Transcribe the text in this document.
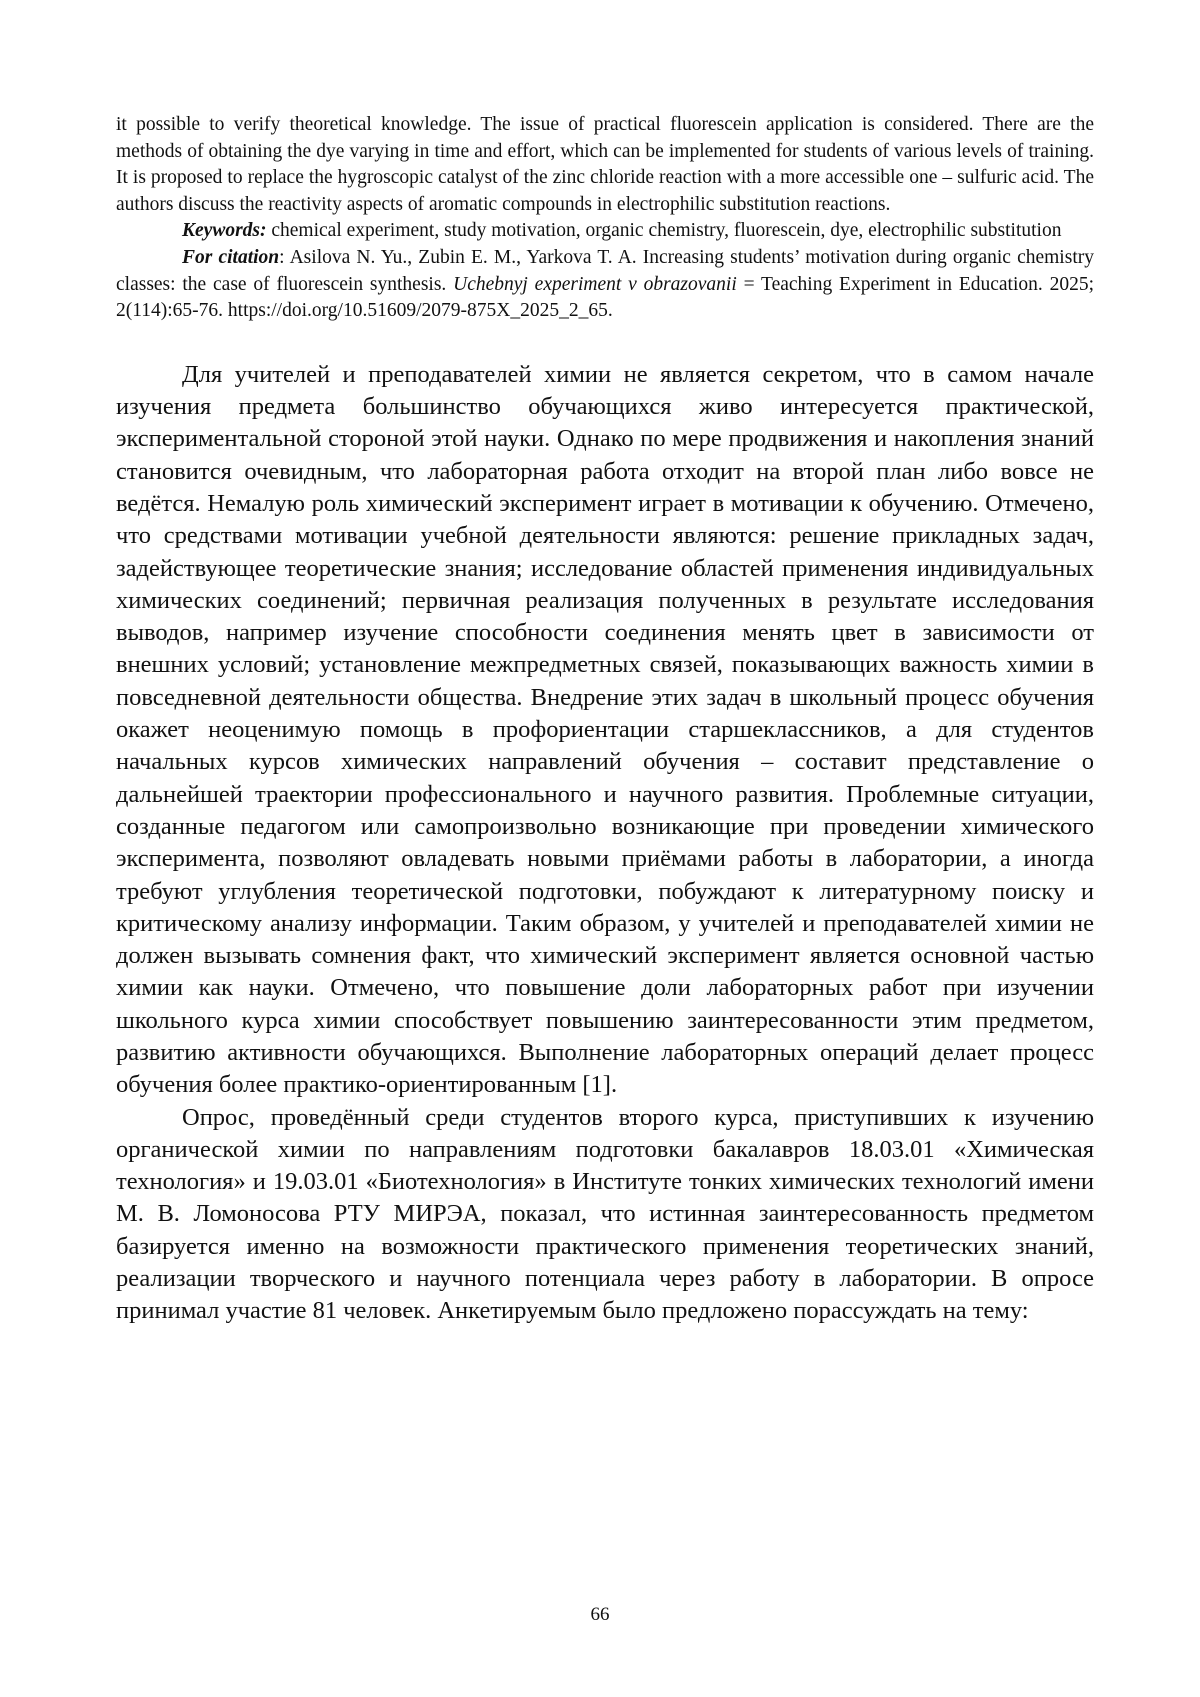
it possible to verify theoretical knowledge. The issue of practical fluorescein application is considered. There are the methods of obtaining the dye varying in time and effort, which can be implemented for students of various levels of training. It is proposed to replace the hygroscopic catalyst of the zinc chloride reaction with a more accessible one – sulfuric acid. The authors discuss the reactivity aspects of aromatic compounds in electrophilic substitution reactions.

Keywords: chemical experiment, study motivation, organic chemistry, fluorescein, dye, electrophilic substitution

For citation: Asilova N. Yu., Zubin E. M., Yarkova T. A. Increasing students’ motivation during organic chemistry classes: the case of fluorescein synthesis. Uchebnyj experiment v obrazovanii = Teaching Experiment in Education. 2025; 2(114):65-76. https://doi.org/10.51609/2079-875X_2025_2_65.

Для учителей и преподавателей химии не является секретом, что в самом начале изучения предмета большинство обучающихся живо интересуется практической, экспериментальной стороной этой науки. Однако по мере продвижения и накопления знаний становится очевидным, что лабораторная работа отходит на второй план либо вовсе не ведётся. Немалую роль химический эксперимент играет в мотивации к обучению. Отмечено, что средствами мотивации учебной деятельности являются: решение прикладных задач, задействующее теоретические знания; исследование областей применения индивидуальных химических соединений; первичная реализация полученных в результате исследования выводов, например изучение способности соединения менять цвет в зависимости от внешних условий; установление межпредметных связей, показывающих важность химии в повседневной деятельности общества. Внедрение этих задач в школьный процесс обучения окажет неоценимую помощь в профориентации старшеклассников, а для студентов начальных курсов химических направлений обучения – составит представление о дальнейшей траектории профессионального и научного развития. Проблемные ситуации, созданные педагогом или самопроизвольно возникающие при проведении химического эксперимента, позволяют овладевать новыми приёмами работы в лаборатории, а иногда требуют углубления теоретической подготовки, побуждают к литературному поиску и критическому анализу информации. Таким образом, у учителей и преподавателей химии не должен вызывать сомнения факт, что химический эксперимент является основной частью химии как науки. Отмечено, что повышение доли лабораторных работ при изучении школьного курса химии способствует повышению заинтересованности этим предметом, развитию активности обучающихся. Выполнение лабораторных операций делает процесс обучения более практико-ориентированным [1].

Опрос, проведённый среди студентов второго курса, приступивших к изучению органической химии по направлениям подготовки бакалавров 18.03.01 «Химическая технология» и 19.03.01 «Биотехнология» в Институте тонких химических технологий имени М. В. Ломоносова РТУ МИРЭА, показал, что истинная заинтересованность предметом базируется именно на возможности практического применения теоретических знаний, реализации творческого и научного потенциала через работу в лаборатории. В опросе принимал участие 81 человек. Анкетируемым было предложено порассуждать на тему:

66
